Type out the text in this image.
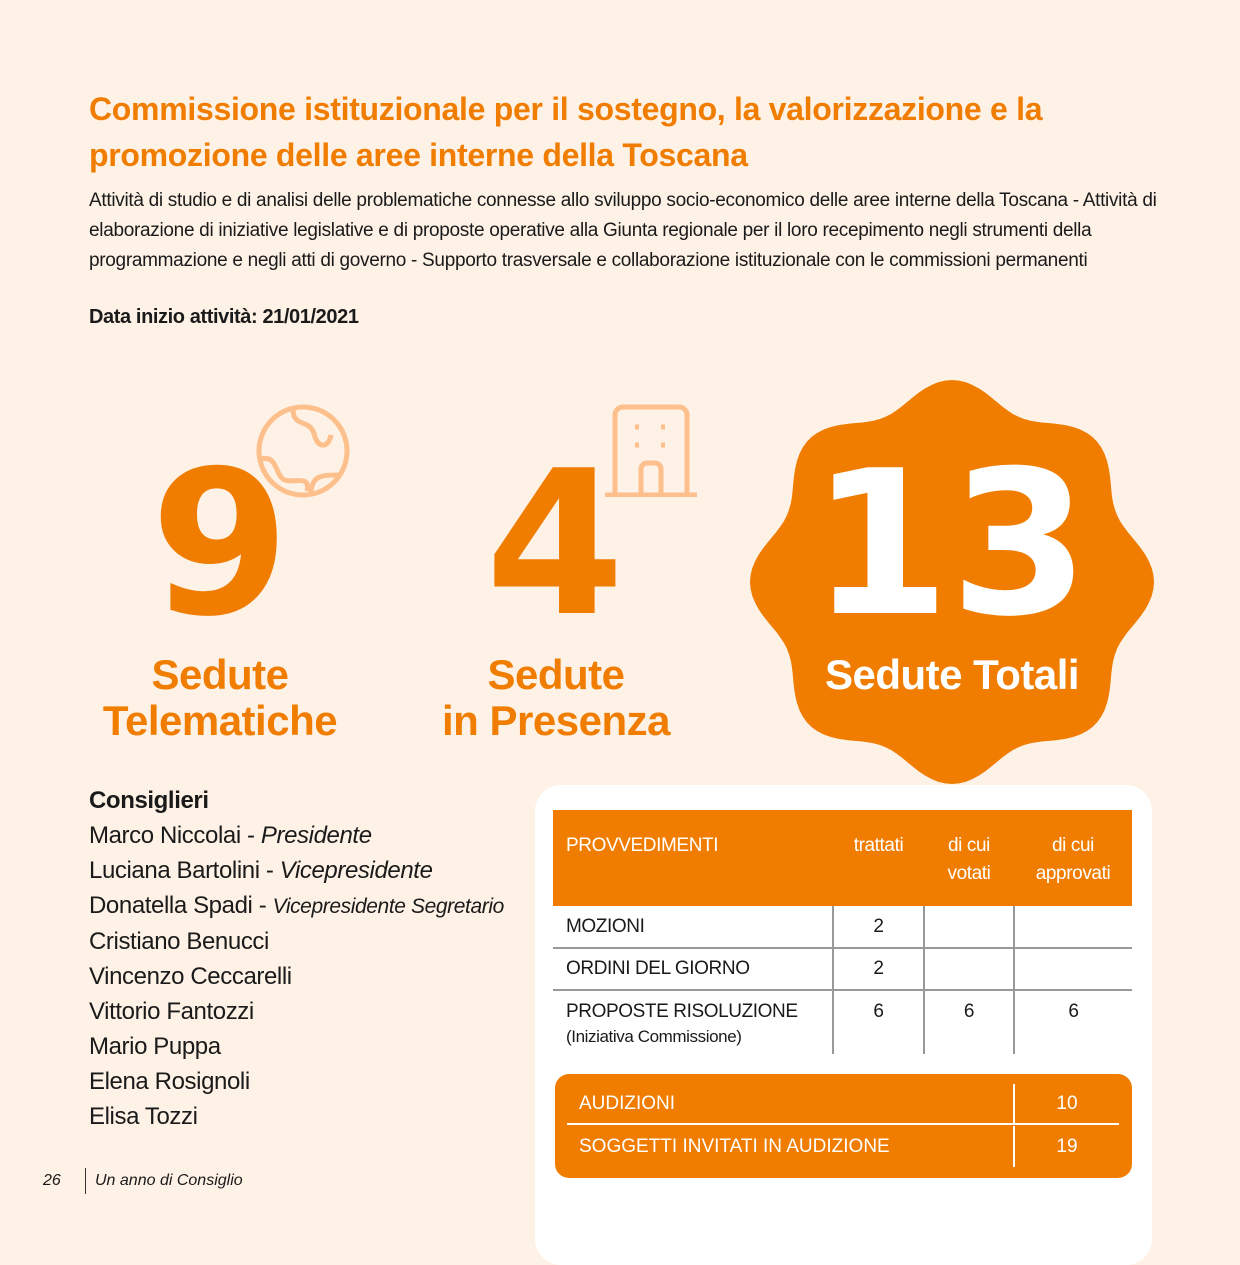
Commissione istituzionale per il sostegno, la valorizzazione e la promozione delle aree interne della Toscana
Attività di studio e di analisi delle problematiche connesse allo sviluppo socio-economico delle aree interne della Toscana - Attività di elaborazione di iniziative legislative e di proposte operative alla Giunta regionale per il loro recepimento negli strumenti della programmazione e negli atti di governo - Supporto trasversale e collaborazione istituzionale con le commissioni permanenti
Data inizio attività: 21/01/2021
9
Sedute
Telematiche
4
Sedute
in Presenza
13
Sedute Totali
Consiglieri
Marco Niccolai - Presidente
Luciana Bartolini - Vicepresidente
Donatella Spadi - Vicepresidente Segretario
Cristiano Benucci
Vincenzo Ceccarelli
Vittorio Fantozzi
Mario Puppa
Elena Rosignoli
Elisa Tozzi
PROVVEDIMENTI	trattati	di cui votati	di cui approvati
MOZIONI	2		
ORDINI DEL GIORNO	2		

PROPOSTE RISOLUZIONE
(Iniziativa Commissione)	6	6	6
AUDIZIONI	10
SOGGETTI INVITATI IN AUDIZIONE	19
26 Un anno di Consiglio
